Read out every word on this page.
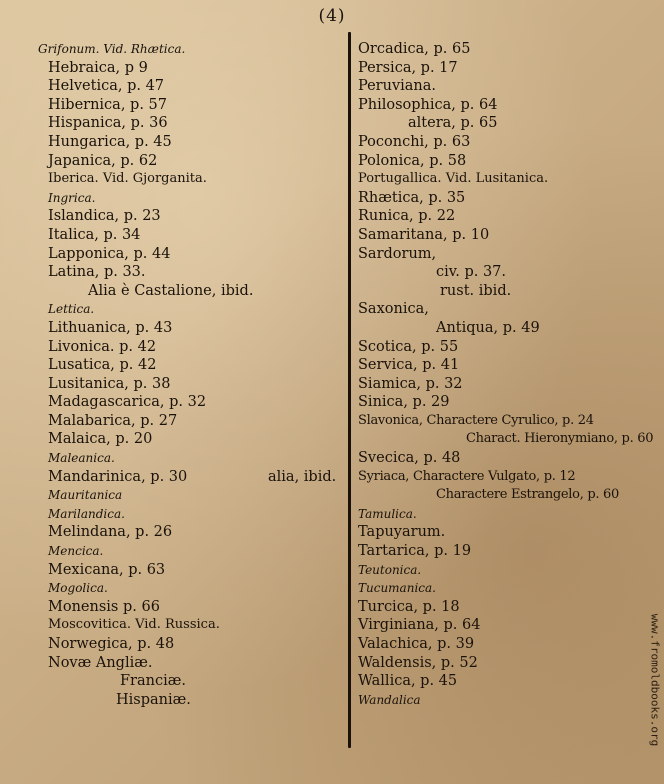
(4)
Grifonum. Vid. Rhætica.
Hebraica, p 9
Helvetica, p. 47
Hibernica, p. 57
Hispanica, p. 36
Hungarica, p. 45
Japanica, p. 62
Iberica. Vid. Gjorganita.
Ingrica.
Islandica, p. 23
Italica, p. 34
Lapponica, p. 44
Latina, p. 33.
Alia è Castalione, ibid.
Lettica.
Lithuanica, p. 43
Livonica. p. 42
Lusatica, p. 42
Lusitanica, p. 38
Madagascarica, p. 32
Malabarica, p. 27
Malaica, p. 20
Maleanica.
Mandarinica, p. 30	alia, ibid.
Mauritanica
Marilandica.
Melindana, p. 26
Mencica.
Mexicana, p. 63
Mogolica.
Monensis p. 66
Moscovitica. Vid. Russica.
Norwegica, p. 48
Novæ Angliæ.
Franciæ.
Hispaniæ.
Orcadica, p. 65
Persica, p. 17
Peruviana.
Philosophica, p. 64
altera, p. 65
Poconchi, p. 63
Polonica, p. 58
Portugallica. Vid. Lusitanica.
Rhætica, p. 35
Runica, p. 22
Samaritana, p. 10
Sardorum,
civ. p. 37.
rust. ibid.
Saxonica,
Antiqua, p. 49
Scotica, p. 55
Servica, p. 41
Siamica, p. 32
Sinica, p. 29
Slavonica, Charactere Cyrulico, p. 24
Charact. Hieronymiano, p. 60
Svecica, p. 48
Syriaca, Charactere Vulgato, p. 12
Charactere Estrangelo, p. 60
Tamulica.
Tapuyarum.
Tartarica, p. 19
Teutonica.
Tucumanica.
Turcica, p. 18
Virginiana, p. 64
Valachica, p. 39
Waldensis, p. 52
Wallica, p. 45
Wandalica	www.fromoldbooks.org
